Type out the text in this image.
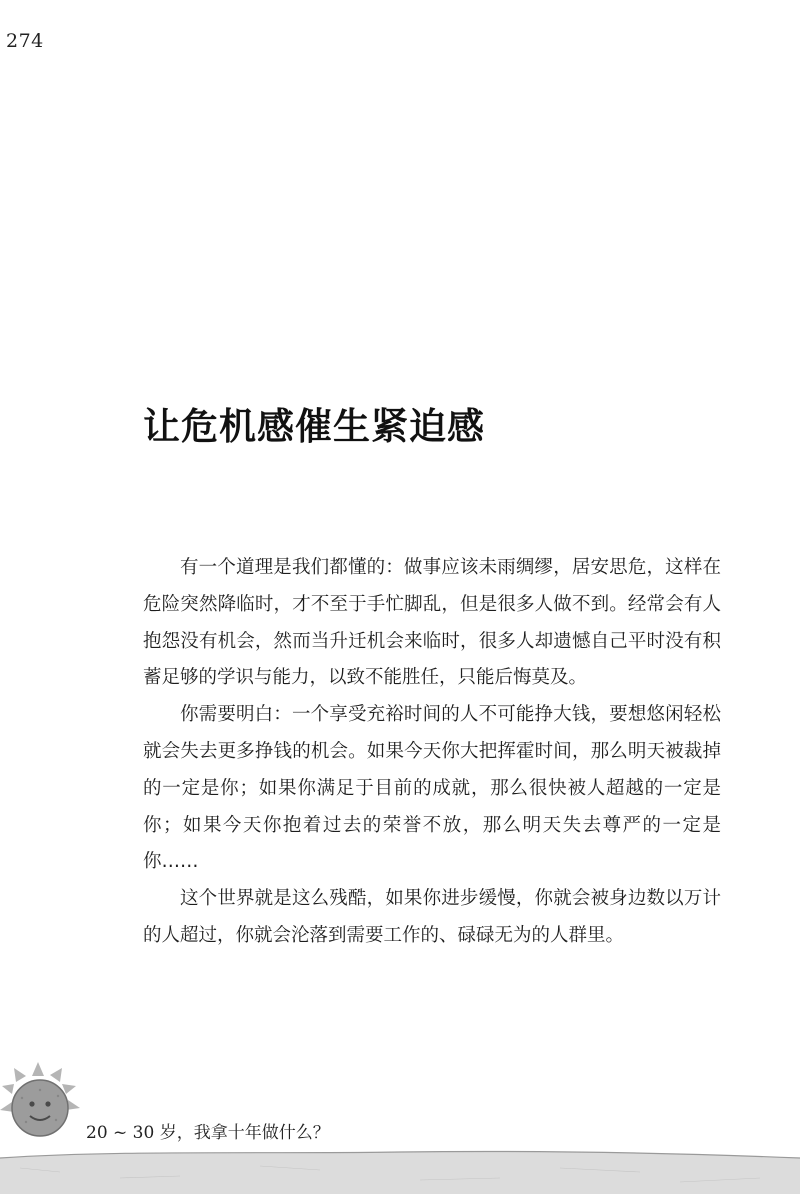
274
让危机感催生紧迫感

有一个道理是我们都懂的：做事应该未雨绸缪，居安思危，这样在危险突然降临时，才不至于手忙脚乱，但是很多人做不到。经常会有人抱怨没有机会，然而当升迁机会来临时，很多人却遗憾自己平时没有积蓄足够的学识与能力，以致不能胜任，只能后悔莫及。

你需要明白：一个享受充裕时间的人不可能挣大钱，要想悠闲轻松就会失去更多挣钱的机会。如果今天你大把挥霍时间，那么明天被裁掉的一定是你；如果你满足于目前的成就，那么很快被人超越的一定是你；如果今天你抱着过去的荣誉不放，那么明天失去尊严的一定是你……

这个世界就是这么残酷，如果你进步缓慢，你就会被身边数以万计的人超过，你就会沦落到需要工作的、碌碌无为的人群里。

20 ~ 30 岁，我拿十年做什么？
